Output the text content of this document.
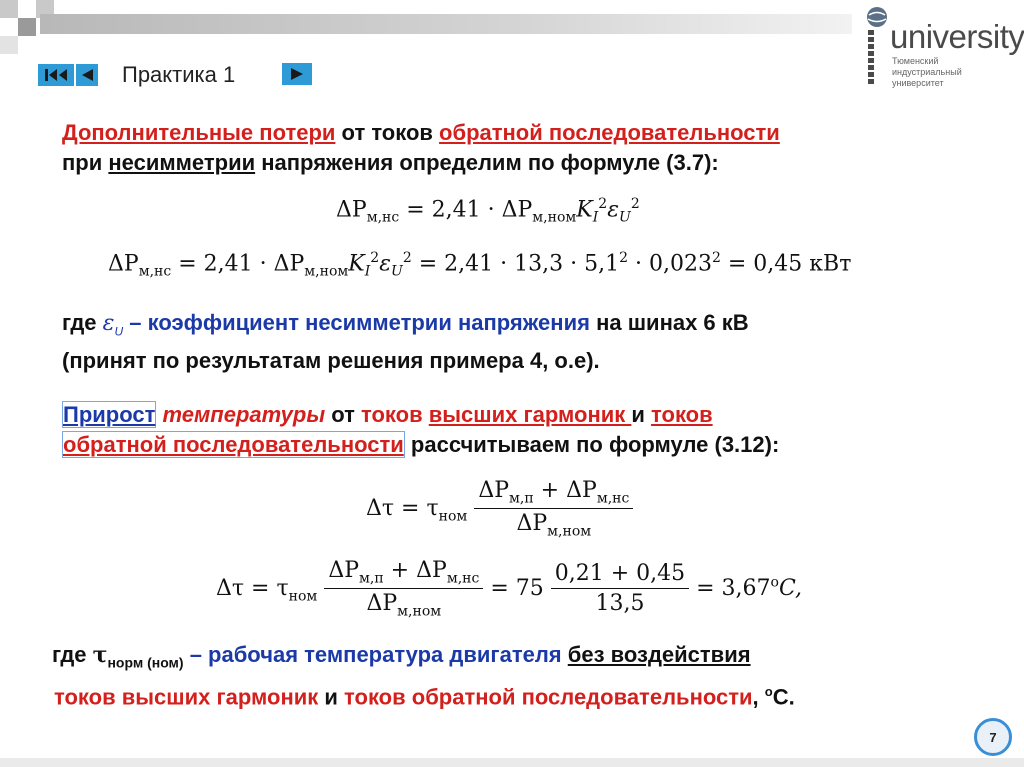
Практика 1
university
Тюменский
индустриальный
университет
Дополнительные потери от токов обратной последовательности
при несимметрии напряжения определим по формуле (3.7):
$\Delta P_{м,нс} = 2,41 \cdot \Delta P_{м,ном}K_I^2\varepsilon_U^2$
$\Delta P_{м,нс} = 2,41 \cdot \Delta P_{м,ном}K_I^2\varepsilon_U^2 = 2,41 \cdot 13,3 \cdot 5,1^2 \cdot 0,023^2 = 0,45$ кВт
где $\varepsilon_U$ – коэффициент несимметрии напряжения на шинах 6 кВ
(принят по результатам решения примера 4, о.е).
Прирост температуры от токов высших гармоник и токов
обратной последовательности рассчитываем по формуле (3.12):
$\Delta\tau = \tau_{ном} \frac{\Delta P_{м,п} + \Delta P_{м,нс}}{\Delta P_{м,ном}}$
$\Delta\tau = \tau_{ном} \frac{\Delta P_{м,п} + \Delta P_{м,нс}}{\Delta P_{м,ном}} = 75 \frac{0,21 + 0,45}{13,5} = 3,67^oC$,
где $\tau_{норм (ном)}$ – рабочая температура двигателя без воздействия
токов высших гармоник и токов обратной последовательности, $^o$С.
7
